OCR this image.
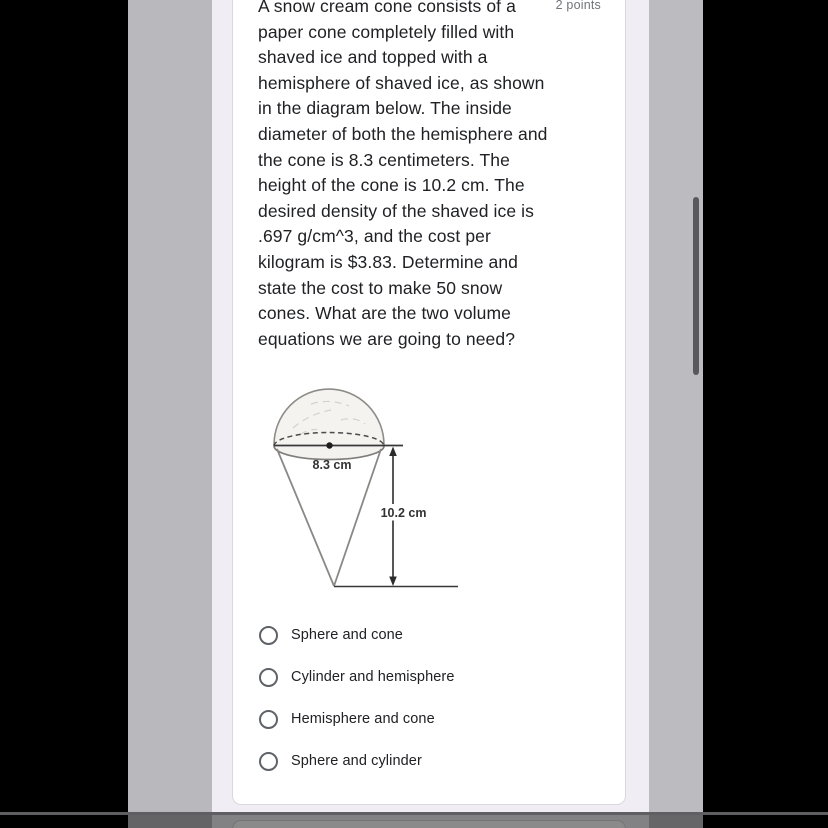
2 points
A snow cream cone consists of a
paper cone completely filled with
shaved ice and topped with a
hemisphere of shaved ice, as shown
in the diagram below. The inside
diameter of both the hemisphere and
the cone is 8.3 centimeters. The
height of the cone is 10.2 cm. The
desired density of the shaved ice is
.697 g/cm^3, and the cost per
kilogram is $3.83. Determine and
state the cost to make 50 snow
cones. What are the two volume
equations we are going to need?
8.3 cm
10.2 cm
Sphere and cone
Cylinder and hemisphere
Hemisphere and cone
Sphere and cylinder
